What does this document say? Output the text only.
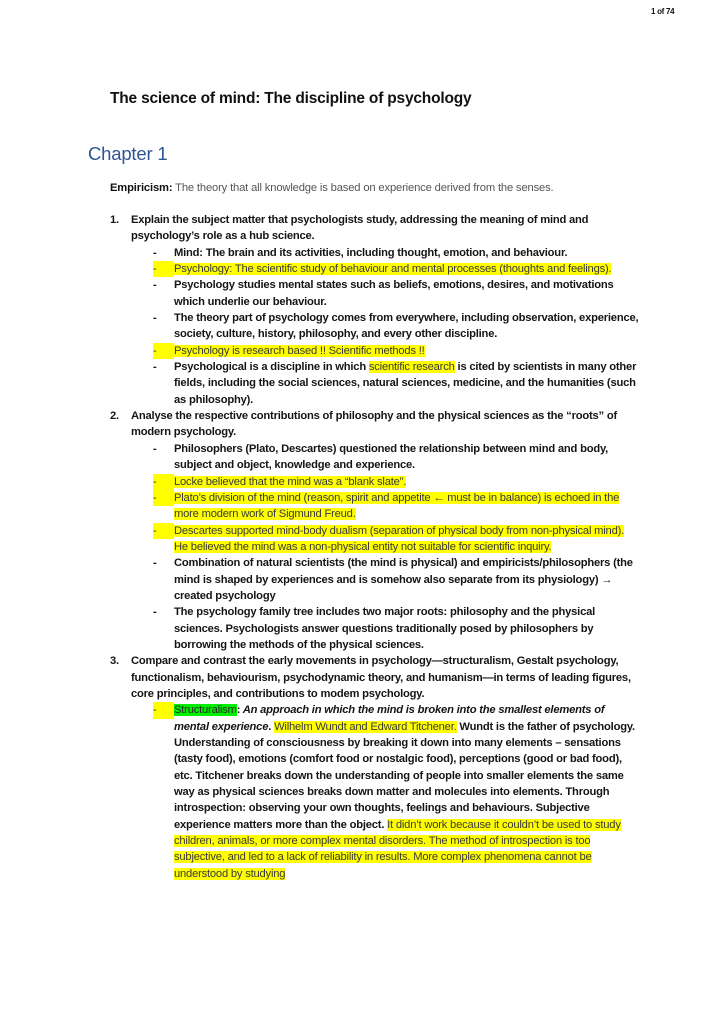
1 of 74
The science of mind: The discipline of psychology
Chapter 1

Empiricism: The theory that all knowledge is based on experience derived from the senses.

1. Explain the subject matter that psychologists study, addressing the meaning of mind and psychology’s role as a hub science.
-	Mind: The brain and its activities, including thought, emotion, and behaviour.
-	Psychology: The scientific study of behaviour and mental processes (thoughts and feelings).
-	Psychology studies mental states such as beliefs, emotions, desires, and motivations which underlie our behaviour.
-	The theory part of psychology comes from everywhere, including observation, experience, society, culture, history, philosophy, and every other discipline.
-	Psychology is research based !! Scientific methods !!
-	Psychological is a discipline in which scientific research is cited by scientists in many other fields, including the social sciences, natural sciences, medicine, and the humanities (such as philosophy).
2. Analyse the respective contributions of philosophy and the physical sciences as the “roots” of modern psychology.
-	Philosophers (Plato, Descartes) questioned the relationship between mind and body, subject and object, knowledge and experience.
-	Locke believed that the mind was a “blank slate”.
-	Plato’s division of the mind (reason, spirit and appetite ← must be in balance) is echoed in the more modern work of Sigmund Freud.
-	Descartes supported mind-body dualism (separation of physical body from non-physical mind). He believed the mind was a non-physical entity not suitable for scientific inquiry.
-	Combination of natural scientists (the mind is physical) and empiricists/philosophers (the mind is shaped by experiences and is somehow also separate from its physiology) → created psychology
-	The psychology family tree includes two major roots: philosophy and the physical sciences. Psychologists answer questions traditionally posed by philosophers by borrowing the methods of the physical sciences.
3. Compare and contrast the early movements in psychology—structuralism, Gestalt psychology, functionalism, behaviourism, psychodynamic theory, and humanism—in terms of leading figures, core principles, and contributions to modem psychology.
-	Structuralism: An approach in which the mind is broken into the smallest elements of mental experience. Wilhelm Wundt and Edward Titchener. Wundt is the father of psychology. Understanding of consciousness by breaking it down into many elements – sensations (tasty food), emotions (comfort food or nostalgic food), perceptions (good or bad food), etc. Titchener breaks down the understanding of people into smaller elements the same way as physical sciences breaks down matter and molecules into elements. Through introspection: observing your own thoughts, feelings and behaviours. Subjective experience matters more than the object. It didn’t work because it couldn’t be used to study children, animals, or more complex mental disorders. The method of introspection is too subjective, and led to a lack of reliability in results. More complex phenomena cannot be understood by studying
